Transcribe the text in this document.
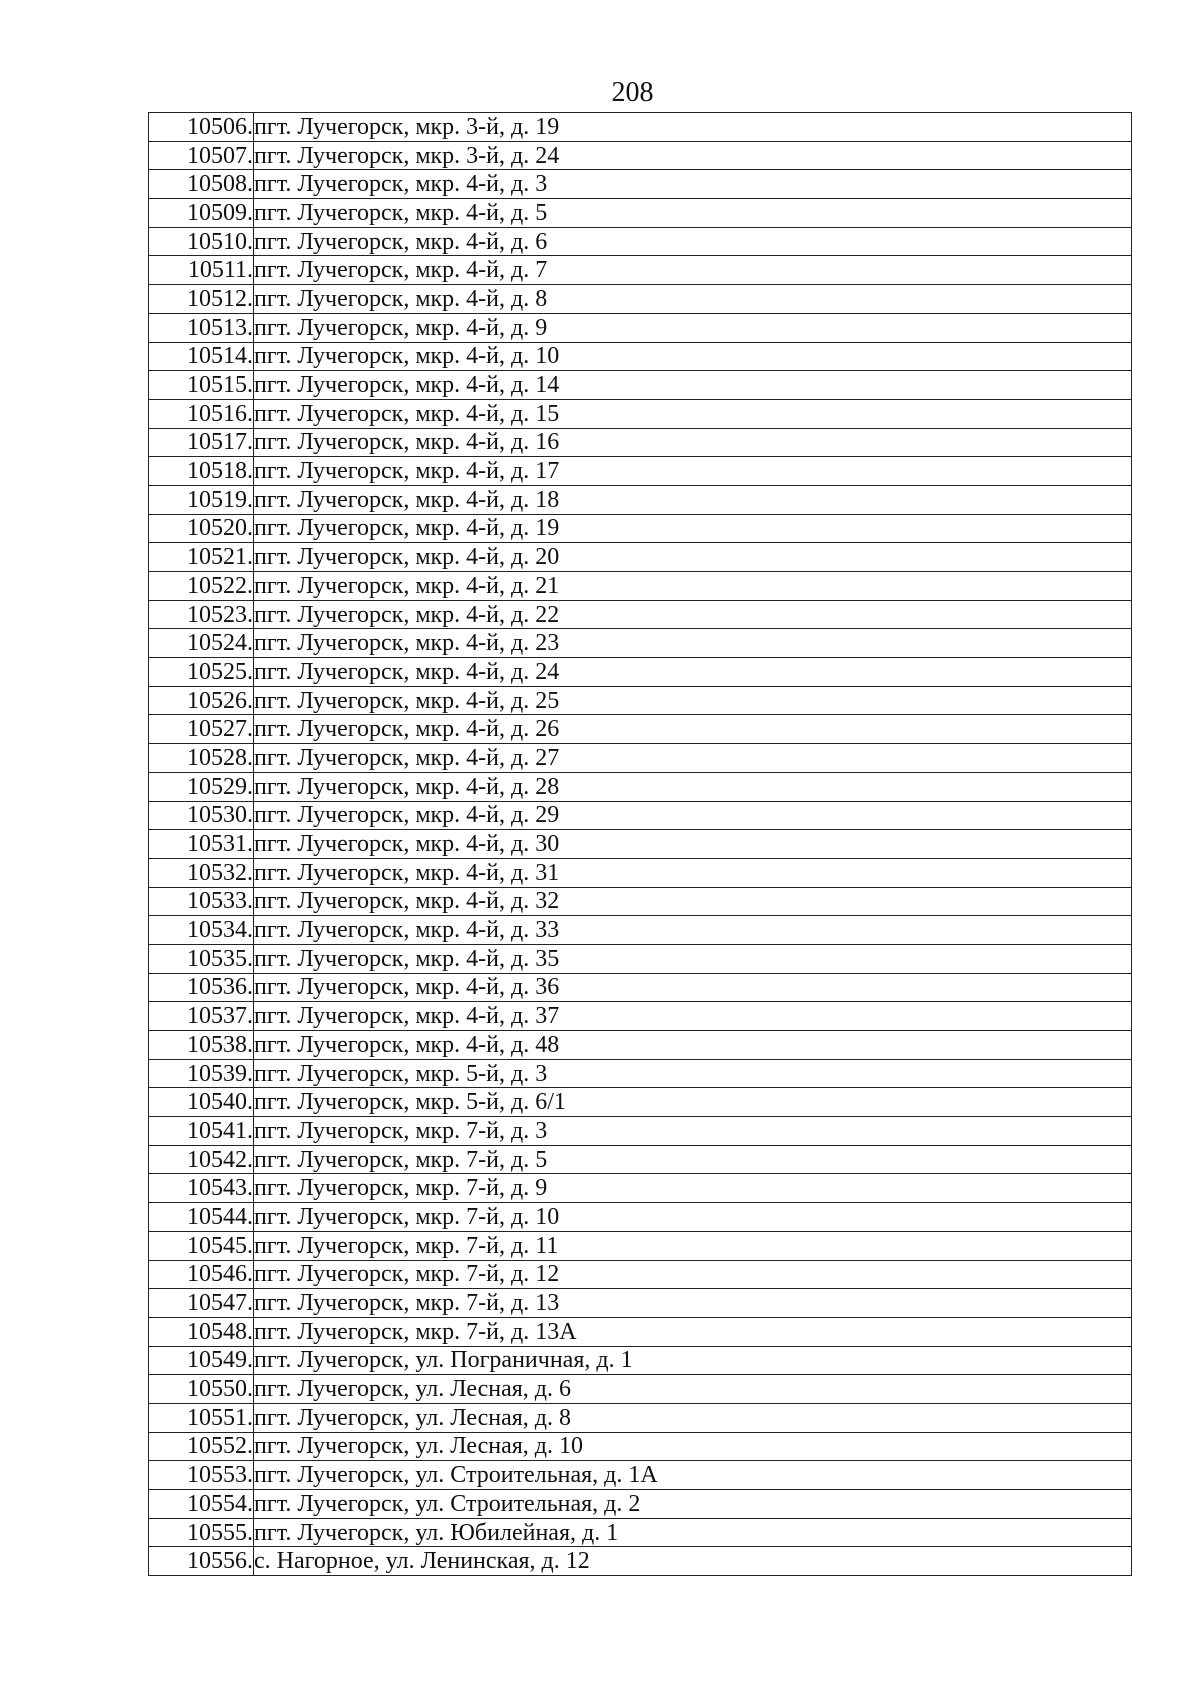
208
10506.	пгт. Лучегорск, мкр. 3-й, д. 19
10507.	пгт. Лучегорск, мкр. 3-й, д. 24
10508.	пгт. Лучегорск, мкр. 4-й, д. 3
10509.	пгт. Лучегорск, мкр. 4-й, д. 5
10510.	пгт. Лучегорск, мкр. 4-й, д. 6
10511.	пгт. Лучегорск, мкр. 4-й, д. 7
10512.	пгт. Лучегорск, мкр. 4-й, д. 8
10513.	пгт. Лучегорск, мкр. 4-й, д. 9
10514.	пгт. Лучегорск, мкр. 4-й, д. 10
10515.	пгт. Лучегорск, мкр. 4-й, д. 14
10516.	пгт. Лучегорск, мкр. 4-й, д. 15
10517.	пгт. Лучегорск, мкр. 4-й, д. 16
10518.	пгт. Лучегорск, мкр. 4-й, д. 17
10519.	пгт. Лучегорск, мкр. 4-й, д. 18
10520.	пгт. Лучегорск, мкр. 4-й, д. 19
10521.	пгт. Лучегорск, мкр. 4-й, д. 20
10522.	пгт. Лучегорск, мкр. 4-й, д. 21
10523.	пгт. Лучегорск, мкр. 4-й, д. 22
10524.	пгт. Лучегорск, мкр. 4-й, д. 23
10525.	пгт. Лучегорск, мкр. 4-й, д. 24
10526.	пгт. Лучегорск, мкр. 4-й, д. 25
10527.	пгт. Лучегорск, мкр. 4-й, д. 26
10528.	пгт. Лучегорск, мкр. 4-й, д. 27
10529.	пгт. Лучегорск, мкр. 4-й, д. 28
10530.	пгт. Лучегорск, мкр. 4-й, д. 29
10531.	пгт. Лучегорск, мкр. 4-й, д. 30
10532.	пгт. Лучегорск, мкр. 4-й, д. 31
10533.	пгт. Лучегорск, мкр. 4-й, д. 32
10534.	пгт. Лучегорск, мкр. 4-й, д. 33
10535.	пгт. Лучегорск, мкр. 4-й, д. 35
10536.	пгт. Лучегорск, мкр. 4-й, д. 36
10537.	пгт. Лучегорск, мкр. 4-й, д. 37
10538.	пгт. Лучегорск, мкр. 4-й, д. 48
10539.	пгт. Лучегорск, мкр. 5-й, д. 3
10540.	пгт. Лучегорск, мкр. 5-й, д. 6/1
10541.	пгт. Лучегорск, мкр. 7-й, д. 3
10542.	пгт. Лучегорск, мкр. 7-й, д. 5
10543.	пгт. Лучегорск, мкр. 7-й, д. 9
10544.	пгт. Лучегорск, мкр. 7-й, д. 10
10545.	пгт. Лучегорск, мкр. 7-й, д. 11
10546.	пгт. Лучегорск, мкр. 7-й, д. 12
10547.	пгт. Лучегорск, мкр. 7-й, д. 13
10548.	пгт. Лучегорск, мкр. 7-й, д. 13А
10549.	пгт. Лучегорск, ул. Пограничная, д. 1
10550.	пгт. Лучегорск, ул. Лесная, д. 6
10551.	пгт. Лучегорск, ул. Лесная, д. 8
10552.	пгт. Лучегорск, ул. Лесная, д. 10
10553.	пгт. Лучегорск, ул. Строительная, д. 1А
10554.	пгт. Лучегорск, ул. Строительная, д. 2
10555.	пгт. Лучегорск, ул. Юбилейная, д. 1
10556.	с. Нагорное, ул. Ленинская, д. 12
